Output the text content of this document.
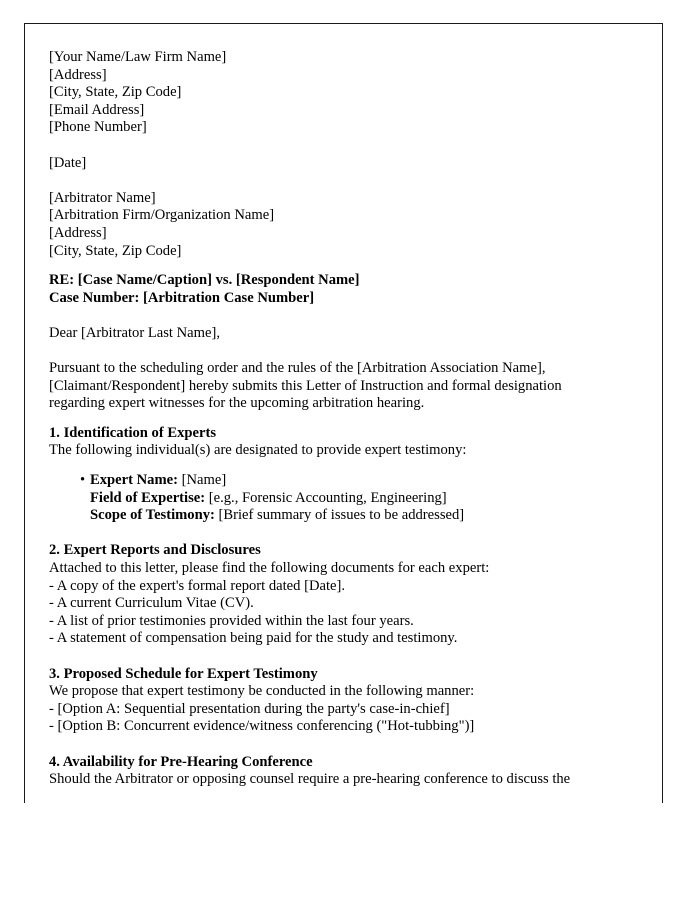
[Your Name/Law Firm Name]
[Address]
[City, State, Zip Code]
[Email Address]
[Phone Number]
[Date]
[Arbitrator Name]
[Arbitration Firm/Organization Name]
[Address]
[City, State, Zip Code]
RE: [Case Name/Caption] vs. [Respondent Name]
Case Number: [Arbitration Case Number]
Dear [Arbitrator Last Name],

Pursuant to the scheduling order and the rules of the [Arbitration Association Name], [Claimant/Respondent] hereby submits this Letter of Instruction and formal designation regarding expert witnesses for the upcoming arbitration hearing.

1. Identification of Experts
The following individual(s) are designated to provide expert testimony:
• Expert Name: [Name]
Field of Expertise: [e.g., Forensic Accounting, Engineering]
Scope of Testimony: [Brief summary of issues to be addressed]
2. Expert Reports and Disclosures
Attached to this letter, please find the following documents for each expert:
- A copy of the expert's formal report dated [Date].
- A current Curriculum Vitae (CV).
- A list of prior testimonies provided within the last four years.
- A statement of compensation being paid for the study and testimony.
3. Proposed Schedule for Expert Testimony
We propose that expert testimony be conducted in the following manner:
- [Option A: Sequential presentation during the party's case-in-chief]
- [Option B: Concurrent evidence/witness conferencing ("Hot-tubbing")]
4. Availability for Pre-Hearing Conference
Should the Arbitrator or opposing counsel require a pre-hearing conference to discuss the
